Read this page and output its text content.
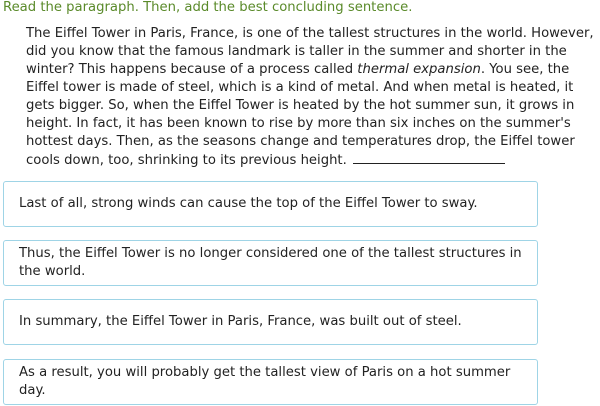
Read the paragraph. Then, add the best concluding sentence.
The Eiffel Tower in Paris, France, is one of the tallest structures in the world. However, did you know that the famous landmark is taller in the summer and shorter in the winter? This happens because of a process called thermal expansion. You see, the Eiffel tower is made of steel, which is a kind of metal. And when metal is heated, it gets bigger. So, when the Eiffel Tower is heated by the hot summer sun, it grows in height. In fact, it has been known to rise by more than six inches on the summer's hottest days. Then, as the seasons change and temperatures drop, the Eiffel tower cools down, too, shrinking to its previous height.
Last of all, strong winds can cause the top of the Eiffel Tower to sway.
Thus, the Eiffel Tower is no longer considered one of the tallest structures in the world.
In summary, the Eiffel Tower in Paris, France, was built out of steel.
As a result, you will probably get the tallest view of Paris on a hot summer day.
